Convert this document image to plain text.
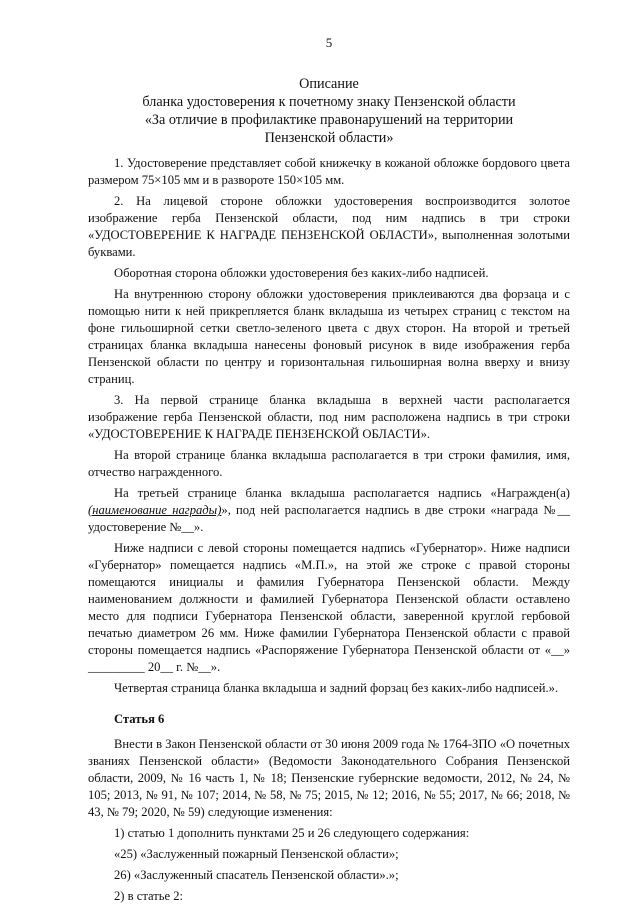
5
Описание
бланка удостоверения к почетному знаку Пензенской области
«За отличие в профилактике правонарушений на территории
Пензенской области»

1. Удостоверение представляет собой книжечку в кожаной обложке бордового цвета размером 75×105 мм и в развороте 150×105 мм.

2. На лицевой стороне обложки удостоверения воспроизводится золотое изображение герба Пензенской области, под ним надпись в три строки «УДОСТОВЕРЕНИЕ К НАГРАДЕ ПЕНЗЕНСКОЙ ОБЛАСТИ», выполненная золотыми буквами.

Оборотная сторона обложки удостоверения без каких-либо надписей.

На внутреннюю сторону обложки удостоверения приклеиваются два форзаца и с помощью нити к ней прикрепляется бланк вкладыша из четырех страниц с текстом на фоне гильоширной сетки светло-зеленого цвета с двух сторон. На второй и третьей страницах бланка вкладыша нанесены фоновый рисунок в виде изображения герба Пензенской области по центру и горизонтальная гильоширная волна вверху и внизу страниц.

3. На первой странице бланка вкладыша в верхней части располагается изображение герба Пензенской области, под ним расположена надпись в три строки «УДОСТОВЕРЕНИЕ К НАГРАДЕ ПЕНЗЕНСКОЙ ОБЛАСТИ».

На второй странице бланка вкладыша располагается в три строки фамилия, имя, отчество награжденного.

На третьей странице бланка вкладыша располагается надпись «Награжден(а) (наименование награды)», под ней располагается надпись в две строки «награда №__ удостоверение №__».

Ниже надписи с левой стороны помещается надпись «Губернатор». Ниже надписи «Губернатор» помещается надпись «М.П.», на этой же строке с правой стороны помещаются инициалы и фамилия Губернатора Пензенской области. Между наименованием должности и фамилией Губернатора Пензенской области оставлено место для подписи Губернатора Пензенской области, заверенной круглой гербовой печатью диаметром 26 мм. Ниже фамилии Губернатора Пензенской области с правой стороны помещается надпись «Распоряжение Губернатора Пензенской области от «__» _________ 20__ г. №__».

Четвертая страница бланка вкладыша и задний форзац без каких-либо надписей.».

Статья 6

Внести в Закон Пензенской области от 30 июня 2009 года № 1764-ЗПО «О почетных званиях Пензенской области» (Ведомости Законодательного Собрания Пензенской области, 2009, № 16 часть 1, № 18; Пензенские губернские ведомости, 2012, № 24, № 105; 2013, № 91, № 107; 2014, № 58, № 75; 2015, № 12; 2016, № 55; 2017, № 66; 2018, № 43, № 79; 2020, № 59) следующие изменения:

1) статью 1 дополнить пунктами 25 и 26 следующего содержания:

«25) «Заслуженный пожарный Пензенской области»;

26) «Заслуженный спасатель Пензенской области».»;

2) в статье 2:
